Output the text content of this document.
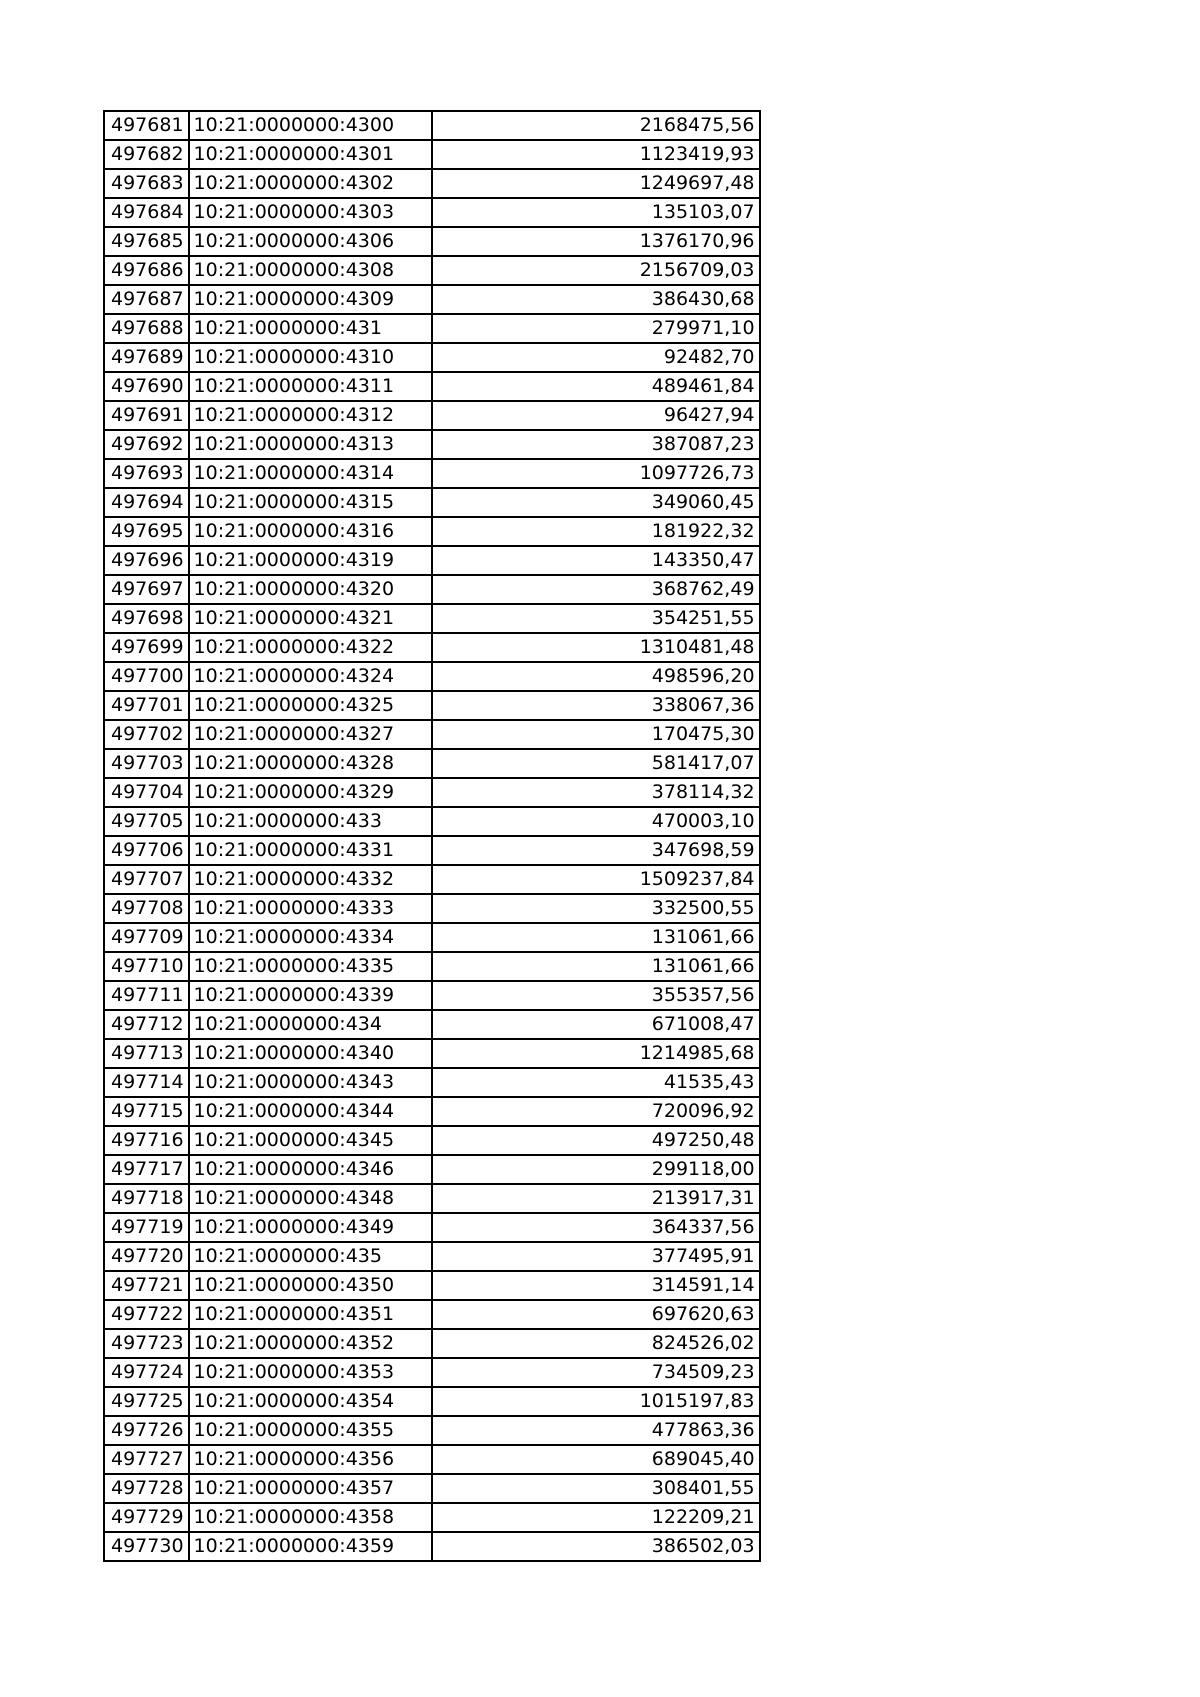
497681	10:21:0000000:4300	2168475,56
497682	10:21:0000000:4301	1123419,93
497683	10:21:0000000:4302	1249697,48
497684	10:21:0000000:4303	135103,07
497685	10:21:0000000:4306	1376170,96
497686	10:21:0000000:4308	2156709,03
497687	10:21:0000000:4309	386430,68
497688	10:21:0000000:431	279971,10
497689	10:21:0000000:4310	92482,70
497690	10:21:0000000:4311	489461,84
497691	10:21:0000000:4312	96427,94
497692	10:21:0000000:4313	387087,23
497693	10:21:0000000:4314	1097726,73
497694	10:21:0000000:4315	349060,45
497695	10:21:0000000:4316	181922,32
497696	10:21:0000000:4319	143350,47
497697	10:21:0000000:4320	368762,49
497698	10:21:0000000:4321	354251,55
497699	10:21:0000000:4322	1310481,48
497700	10:21:0000000:4324	498596,20
497701	10:21:0000000:4325	338067,36
497702	10:21:0000000:4327	170475,30
497703	10:21:0000000:4328	581417,07
497704	10:21:0000000:4329	378114,32
497705	10:21:0000000:433	470003,10
497706	10:21:0000000:4331	347698,59
497707	10:21:0000000:4332	1509237,84
497708	10:21:0000000:4333	332500,55
497709	10:21:0000000:4334	131061,66
497710	10:21:0000000:4335	131061,66
497711	10:21:0000000:4339	355357,56
497712	10:21:0000000:434	671008,47
497713	10:21:0000000:4340	1214985,68
497714	10:21:0000000:4343	41535,43
497715	10:21:0000000:4344	720096,92
497716	10:21:0000000:4345	497250,48
497717	10:21:0000000:4346	299118,00
497718	10:21:0000000:4348	213917,31
497719	10:21:0000000:4349	364337,56
497720	10:21:0000000:435	377495,91
497721	10:21:0000000:4350	314591,14
497722	10:21:0000000:4351	697620,63
497723	10:21:0000000:4352	824526,02
497724	10:21:0000000:4353	734509,23
497725	10:21:0000000:4354	1015197,83
497726	10:21:0000000:4355	477863,36
497727	10:21:0000000:4356	689045,40
497728	10:21:0000000:4357	308401,55
497729	10:21:0000000:4358	122209,21
497730	10:21:0000000:4359	386502,03
